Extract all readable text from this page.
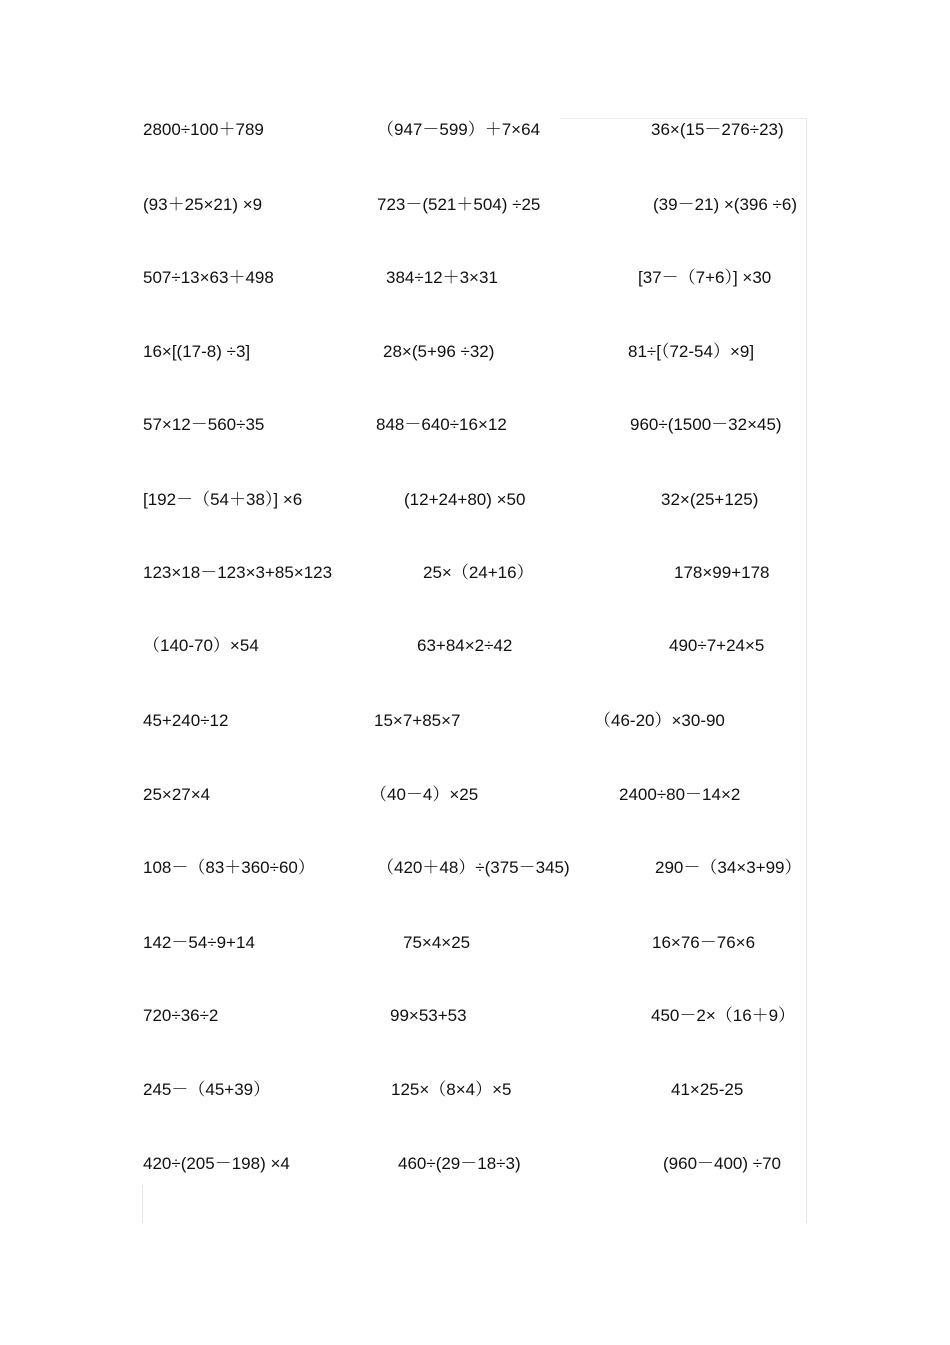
2800÷100＋789	（947－599）＋7×64	36×(15－276÷23)
(93＋25×21) ×9	723－(521＋504) ÷25	(39－21) ×(396 ÷6)
507÷13×63＋498	384÷12＋3×31	[37－（7+6）] ×30
16×[(17-8) ÷3]	28×(5+96 ÷32)	81÷[（72-54）×9]
57×12－560÷35	848－640÷16×12	960÷(1500－32×45)
[192－（54＋38）] ×6	(12+24+80) ×50	32×(25+125)
123×18－123×3+85×123	25×（24+16）	178×99+178
（140-70）×54	63+84×2÷42	490÷7+24×5
45+240÷12	15×7+85×7	（46-20）×30-90
25×27×4	（40－4）×25	2400÷80－14×2
108－（83＋360÷60）	（420＋48）÷(375－345)	290－（34×3+99）
142－54÷9+14	75×4×25	16×76－76×6
720÷36÷2	99×53+53	450－2×（16＋9）
245－（45+39）	125×（8×4）×5	41×25-25
420÷(205－198) ×4	460÷(29－18÷3)	(960－400) ÷70
